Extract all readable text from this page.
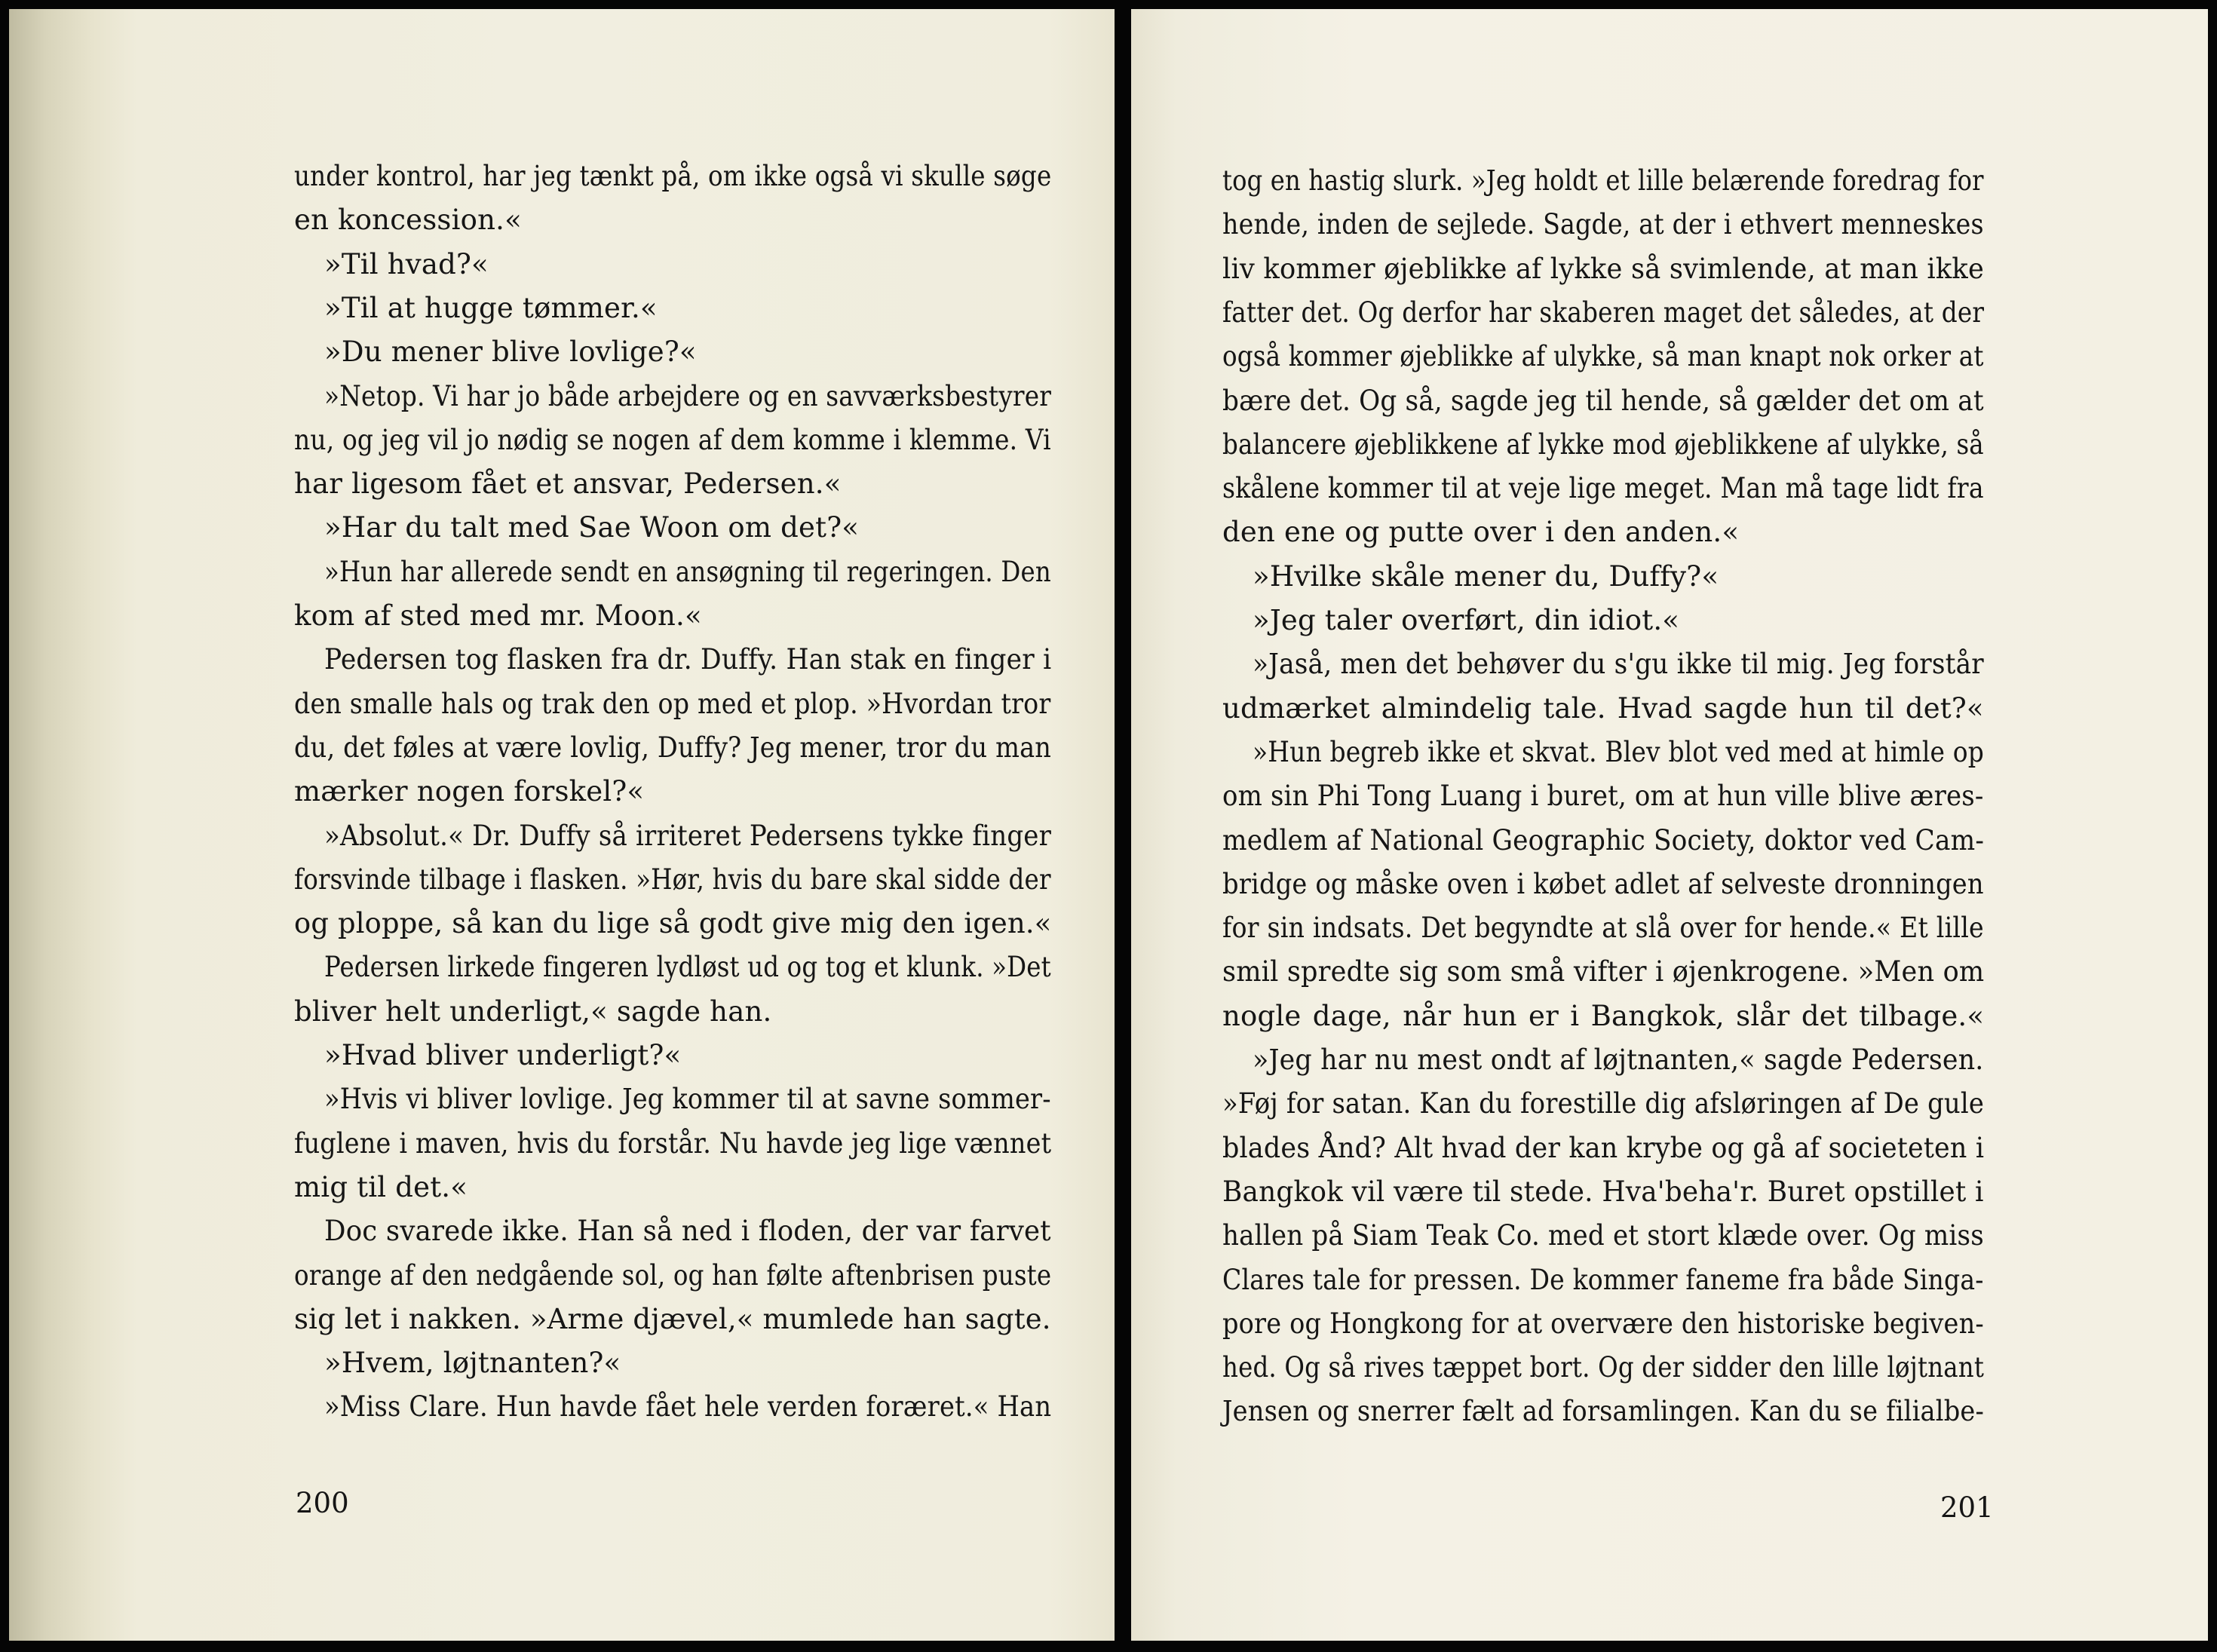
under kontrol, har jeg tænkt på, om ikke også vi skulle søge
en koncession.«
»Til hvad?«
»Til at hugge tømmer.«
»Du mener blive lovlige?«
»Netop. Vi har jo både arbejdere og en savværksbestyrer
nu, og jeg vil jo nødig se nogen af dem komme i klemme. Vi
har ligesom fået et ansvar, Pedersen.«
»Har du talt med Sae Woon om det?«
»Hun har allerede sendt en ansøgning til regeringen. Den
kom af sted med mr. Moon.«
Pedersen tog flasken fra dr. Duffy. Han stak en finger i
den smalle hals og trak den op med et plop. »Hvordan tror
du, det føles at være lovlig, Duffy? Jeg mener, tror du man
mærker nogen forskel?«
»Absolut.« Dr. Duffy så irriteret Pedersens tykke finger
forsvinde tilbage i flasken. »Hør, hvis du bare skal sidde der
og ploppe, så kan du lige så godt give mig den igen.«
Pedersen lirkede fingeren lydløst ud og tog et klunk. »Det
bliver helt underligt,« sagde han.
»Hvad bliver underligt?«
»Hvis vi bliver lovlige. Jeg kommer til at savne sommer-
fuglene i maven, hvis du forstår. Nu havde jeg lige vænnet
mig til det.«
Doc svarede ikke. Han så ned i floden, der var farvet
orange af den nedgående sol, og han følte aftenbrisen puste
sig let i nakken. »Arme djævel,« mumlede han sagte.
»Hvem, løjtnanten?«
»Miss Clare. Hun havde fået hele verden foræret.« Han
200
tog en hastig slurk. »Jeg holdt et lille belærende foredrag for
hende, inden de sejlede. Sagde, at der i ethvert menneskes
liv kommer øjeblikke af lykke så svimlende, at man ikke
fatter det. Og derfor har skaberen maget det således, at der
også kommer øjeblikke af ulykke, så man knapt nok orker at
bære det. Og så, sagde jeg til hende, så gælder det om at
balancere øjeblikkene af lykke mod øjeblikkene af ulykke, så
skålene kommer til at veje lige meget. Man må tage lidt fra
den ene og putte over i den anden.«
»Hvilke skåle mener du, Duffy?«
»Jeg taler overført, din idiot.«
»Jaså, men det behøver du s'gu ikke til mig. Jeg forstår
udmærket almindelig tale. Hvad sagde hun til det?«
»Hun begreb ikke et skvat. Blev blot ved med at himle op
om sin Phi Tong Luang i buret, om at hun ville blive æres-
medlem af National Geographic Society, doktor ved Cam-
bridge og måske oven i købet adlet af selveste dronningen
for sin indsats. Det begyndte at slå over for hende.« Et lille
smil spredte sig som små vifter i øjenkrogene. »Men om
nogle dage, når hun er i Bangkok, slår det tilbage.«
»Jeg har nu mest ondt af løjtnanten,« sagde Pedersen.
»Føj for satan. Kan du forestille dig afsløringen af De gule
blades Ånd? Alt hvad der kan krybe og gå af societeten i
Bangkok vil være til stede. Hva'beha'r. Buret opstillet i
hallen på Siam Teak Co. med et stort klæde over. Og miss
Clares tale for pressen. De kommer faneme fra både Singa-
pore og Hongkong for at overvære den historiske begiven-
hed. Og så rives tæppet bort. Og der sidder den lille løjtnant
Jensen og snerrer fælt ad forsamlingen. Kan du se filialbe-
201
